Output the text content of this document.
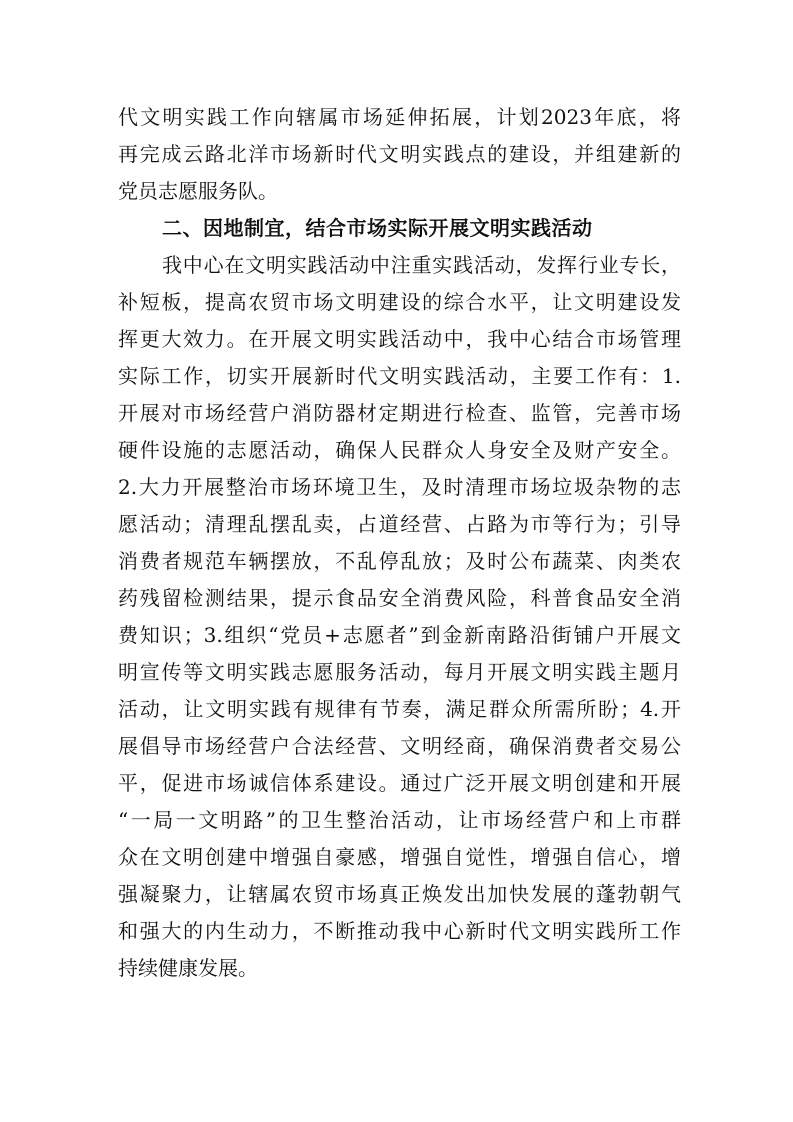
代文明实践工作向辖属市场延伸拓展，计划2023年底，将
再完成云路北洋市场新时代文明实践点的建设，并组建新的
党员志愿服务队。
二、因地制宜，结合市场实际开展文明实践活动
我中心在文明实践活动中注重实践活动，发挥行业专长，
补短板，提高农贸市场文明建设的综合水平，让文明建设发
挥更大效力。在开展文明实践活动中，我中心结合市场管理
实际工作，切实开展新时代文明实践活动，主要工作有：1.
开展对市场经营户消防器材定期进行检查、监管，完善市场
硬件设施的志愿活动，确保人民群众人身安全及财产安全。
2.大力开展整治市场环境卫生，及时清理市场垃圾杂物的志
愿活动；清理乱摆乱卖，占道经营、占路为市等行为；引导
消费者规范车辆摆放，不乱停乱放；及时公布蔬菜、肉类农
药残留检测结果，提示食品安全消费风险，科普食品安全消
费知识；3.组织“党员+志愿者”到金新南路沿街铺户开展文
明宣传等文明实践志愿服务活动，每月开展文明实践主题月
活动，让文明实践有规律有节奏，满足群众所需所盼；4.开
展倡导市场经营户合法经营、文明经商，确保消费者交易公
平，促进市场诚信体系建设。通过广泛开展文明创建和开展
“一局一文明路”的卫生整治活动，让市场经营户和上市群
众在文明创建中增强自豪感，增强自觉性，增强自信心，增
强凝聚力，让辖属农贸市场真正焕发出加快发展的蓬勃朝气
和强大的内生动力，不断推动我中心新时代文明实践所工作
持续健康发展。
